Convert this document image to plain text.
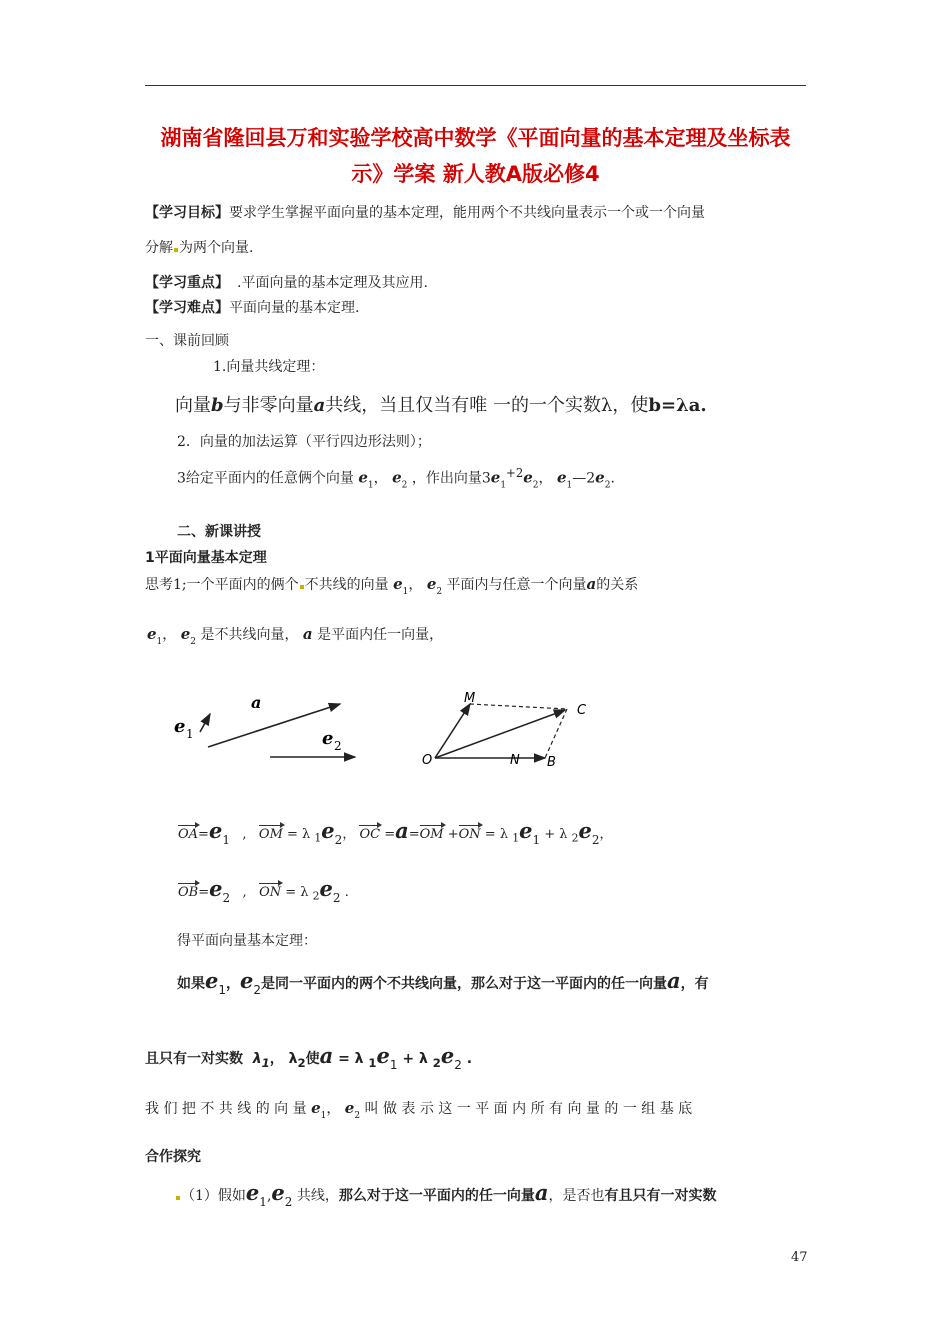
湖南省隆回县万和实验学校高中数学《平面向量的基本定理及坐标表
示》学案 新人教A版必修4
【学习目标】要求学生掌握平面向量的基本定理，能用两个不共线向量表示一个或一个向量
分解 为两个向量.
【学习重点】 .平面向量的基本定理及其应用.
【学习难点】平面向量的基本定理.
一、课前回顾
1.向量共线定理：
向量b与非零向量a共线，当且仅当有唯 一的一个实数λ，使b=λa.
2．向量的加法运算（平行四边形法则）；
3给定平面内的任意俩个向量 $e_1$， $e_2$ ，作出向量$3e_1^{+2}e_2$， $e_1—2e_2$.
二、新课讲授
1平面向量基本定理
思考1;一个平面内的俩个 不共线的向量 $e_1$， $e_2$ 平面内与任意一个向量a的关系
$e_1$， $e_2$ 是不共线向量， a 是平面内任一向量，
e 1
a
e 2
M
C
O	N B
OA=e1   ,   OM = λ $_1$e2， OC =a=OM +ON = λ $_1$e1 + λ $_2$e2，
OB=e2   ,   ON = λ $_2$e2 .
得平面向量基本定理：
如果e1，e2是同一平面内的两个不共线向量，那么对于这一平面内的任一向量a，有
且只有一对实数 $\lambda_1$， $\lambda_2$使a = λ $_1$e1 + λ $_2$e2 .
我 们 把 不 共 线 的 向 量 $e_1$， $e_2$ 叫 做 表 示 这 一 平 面 内 所 有 向 量 的 一 组 基 底
合作探究
（1）假如e1,e2 共线，那么对于这一平面内的任一向量a，是否也有且只有一对实数
47
